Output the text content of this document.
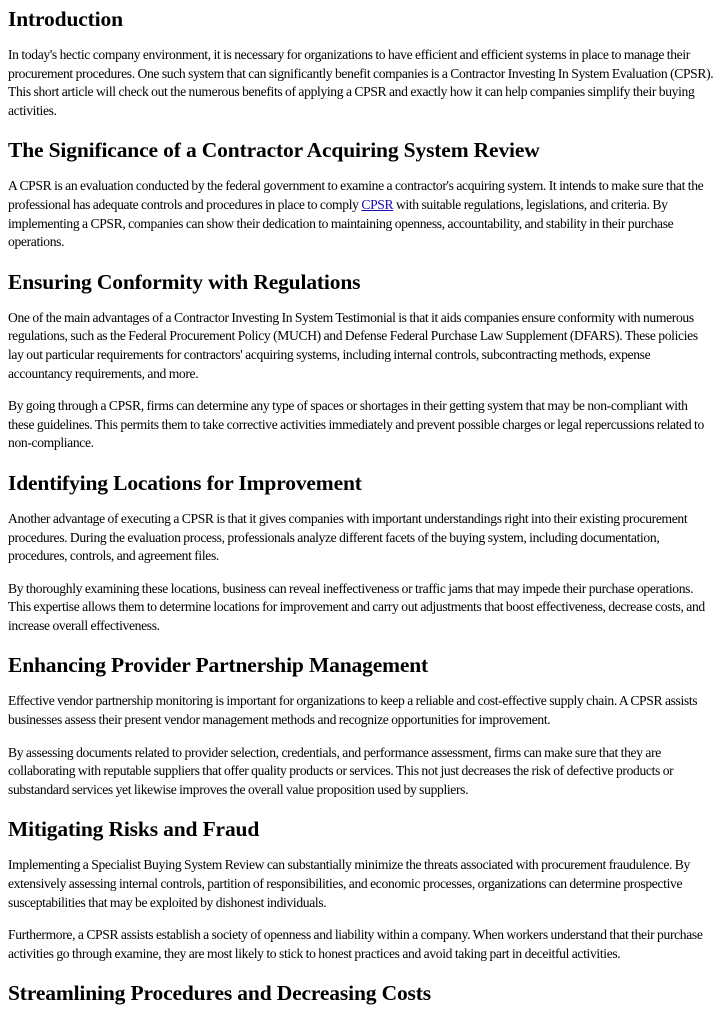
Introduction

In today's hectic company environment, it is necessary for organizations to have efficient and efficient systems in place to manage their procurement procedures. One such system that can significantly benefit companies is a Contractor Investing In System Evaluation (CPSR). This short article will check out the numerous benefits of applying a CPSR and exactly how it can help companies simplify their buying activities.

The Significance of a Contractor Acquiring System Review

A CPSR is an evaluation conducted by the federal government to examine a contractor's acquiring system. It intends to make sure that the professional has adequate controls and procedures in place to comply CPSR with suitable regulations, legislations, and criteria. By implementing a CPSR, companies can show their dedication to maintaining openness, accountability, and stability in their purchase operations.

Ensuring Conformity with Regulations

One of the main advantages of a Contractor Investing In System Testimonial is that it aids companies ensure conformity with numerous regulations, such as the Federal Procurement Policy (MUCH) and Defense Federal Purchase Law Supplement (DFARS). These policies lay out particular requirements for contractors' acquiring systems, including internal controls, subcontracting methods, expense accountancy requirements, and more.

By going through a CPSR, firms can determine any type of spaces or shortages in their getting system that may be non-compliant with these guidelines. This permits them to take corrective activities immediately and prevent possible charges or legal repercussions related to non-compliance.

Identifying Locations for Improvement

Another advantage of executing a CPSR is that it gives companies with important understandings right into their existing procurement procedures. During the evaluation process, professionals analyze different facets of the buying system, including documentation, procedures, controls, and agreement files.

By thoroughly examining these locations, business can reveal ineffectiveness or traffic jams that may impede their purchase operations. This expertise allows them to determine locations for improvement and carry out adjustments that boost effectiveness, decrease costs, and increase overall effectiveness.

Enhancing Provider Partnership Management

Effective vendor partnership monitoring is important for organizations to keep a reliable and cost-effective supply chain. A CPSR assists businesses assess their present vendor management methods and recognize opportunities for improvement.

By assessing documents related to provider selection, credentials, and performance assessment, firms can make sure that they are collaborating with reputable suppliers that offer quality products or services. This not just decreases the risk of defective products or substandard services yet likewise improves the overall value proposition used by suppliers.

Mitigating Risks and Fraud

Implementing a Specialist Buying System Review can substantially minimize the threats associated with procurement fraudulence. By extensively assessing internal controls, partition of responsibilities, and economic processes, organizations can determine prospective susceptabilities that may be exploited by dishonest individuals.

Furthermore, a CPSR assists establish a society of openness and liability within a company. When workers understand that their purchase activities go through examine, they are most likely to stick to honest practices and avoid taking part in deceitful activities.

Streamlining Procedures and Decreasing Costs
